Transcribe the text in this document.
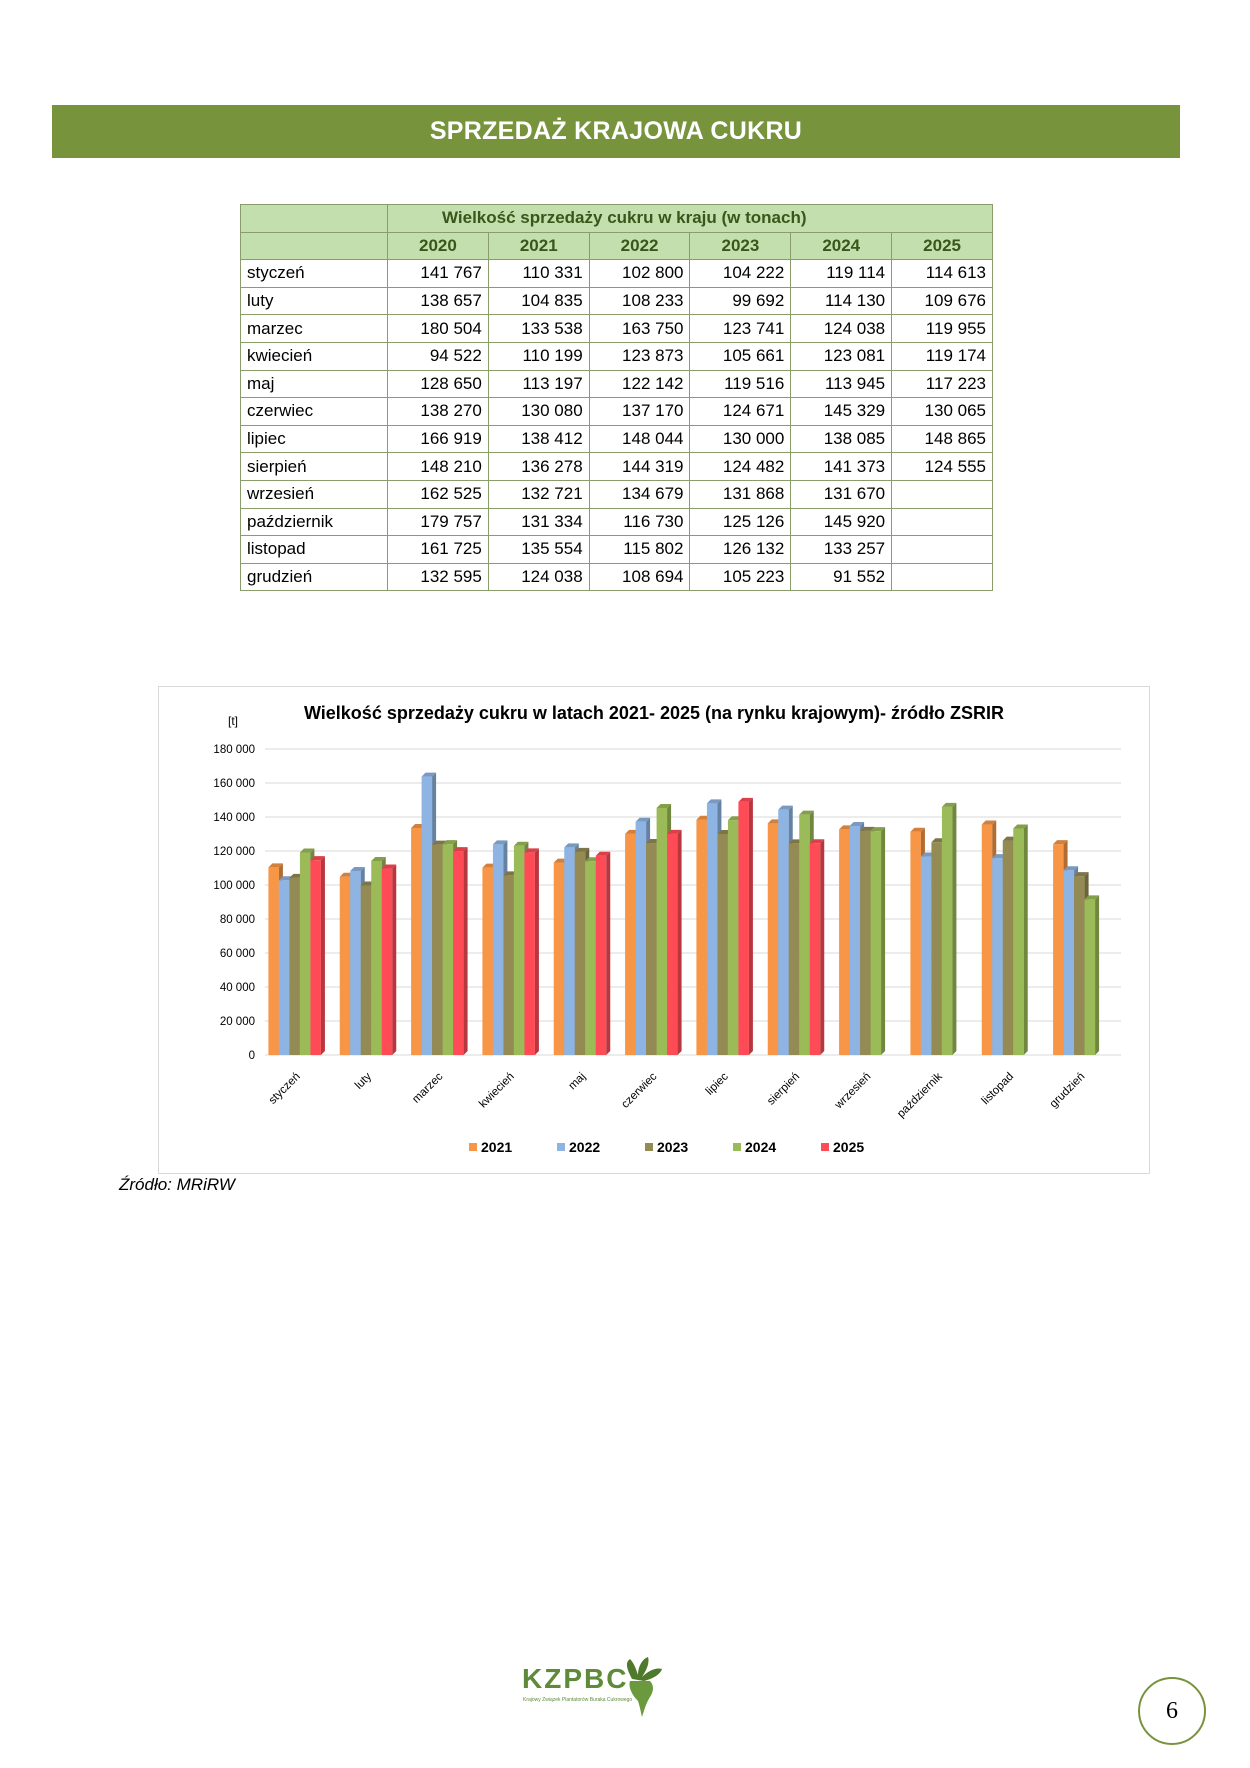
SPRZEDAŻ KRAJOWA CUKRU
	Wielkość sprzedaży cukru w kraju (w tonach)					
	2020	2021	2022	2023	2024	2025
styczeń	141 767	110 331	102 800	104 222	119 114	114 613
luty	138 657	104 835	108 233	99 692	114 130	109 676
marzec	180 504	133 538	163 750	123 741	124 038	119 955
kwiecień	94 522	110 199	123 873	105 661	123 081	119 174
maj	128 650	113 197	122 142	119 516	113 945	117 223
czerwiec	138 270	130 080	137 170	124 671	145 329	130 065
lipiec	166 919	138 412	148 044	130 000	138 085	148 865
sierpień	148 210	136 278	144 319	124 482	141 373	124 555
wrzesień	162 525	132 721	134 679	131 868	131 670	
październik	179 757	131 334	116 730	125 126	145 920	
listopad	161 725	135 554	115 802	126 132	133 257	
grudzień	132 595	124 038	108 694	105 223	91 552	
Wielkość sprzedaży cukru w latach 2021- 2025 (na rynku krajowym)- źródło ZSRIR
[t]
0
20 000
40 000
60 000
80 000
100 000
120 000
140 000
160 000
180 000
styczeń	luty	marzec	kwiecień	maj	czerwiec	lipiec	sierpień	wrzesień październik	listopad	grudzień
2021	2022	2023	2024	2025
Źródło: MRiRW
KZPBC
Krajowy Związek Plantatorów Buraka Cukrowego	6
